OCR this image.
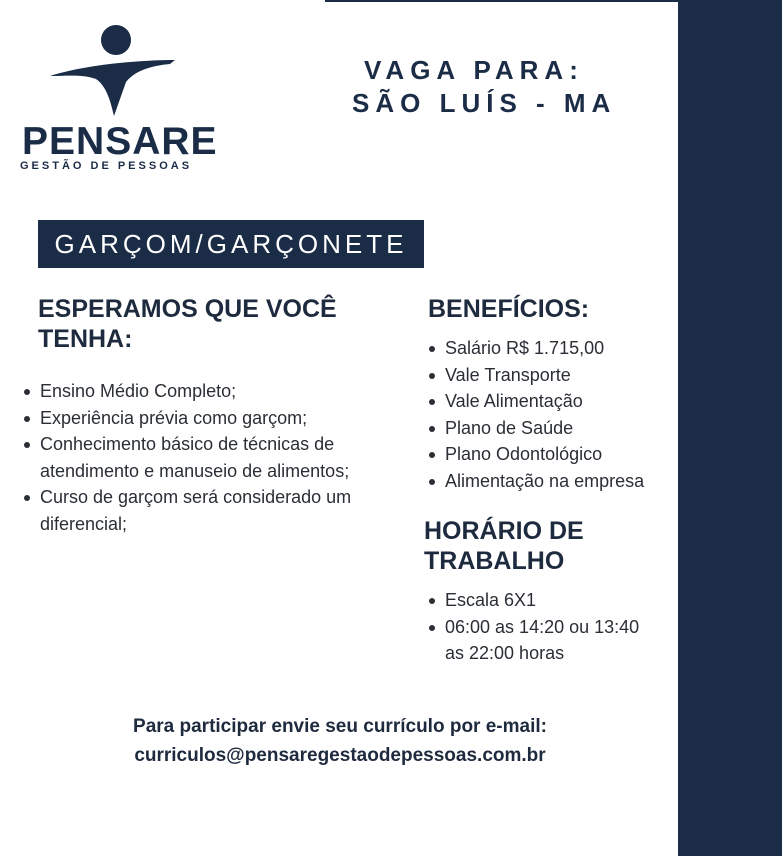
PENSARE
GESTÃO DE PESSOAS
VAGA PARA:
SÃO LUÍS - MA
GARÇOM/GARÇONETE
ESPERAMOS QUE VOCÊ TENHA:
Ensino Médio Completo;
Experiência prévia como garçom;
Conhecimento básico de técnicas de atendimento e manuseio de alimentos;
Curso de garçom será considerado um diferencial;
BENEFÍCIOS:
Salário R$ 1.715,00
Vale Transporte
Vale Alimentação
Plano de Saúde
Plano Odontológico
Alimentação na empresa
HORÁRIO DE TRABALHO
Escala 6X1
06:00 as 14:20 ou 13:40 as 22:00 horas
Para participar envie seu currículo por e-mail:
curriculos@pensaregestaodepessoas.com.br
